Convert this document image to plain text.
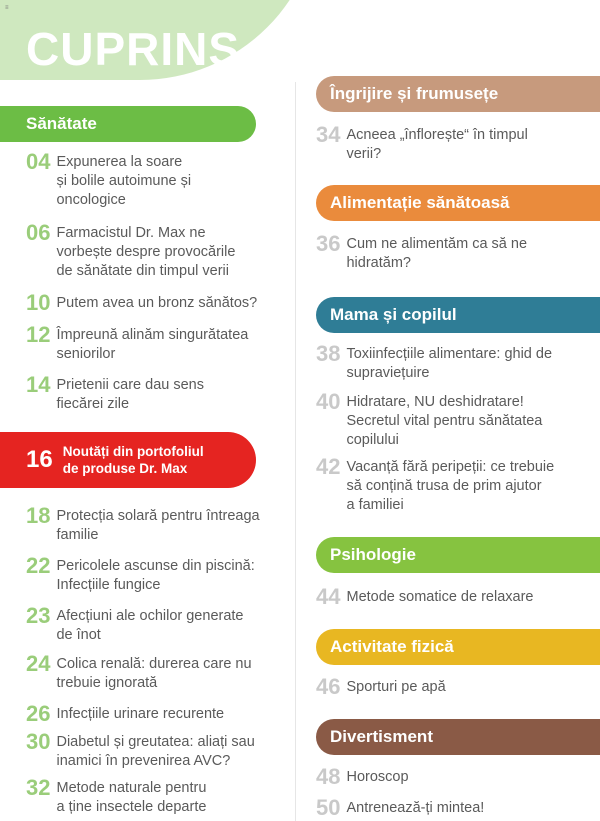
≡
CUPRINS
Sănătate
04 Expunerea la soare
și bolile autoimune și
oncologice
06 Farmacistul Dr. Max ne
vorbește despre provocările
de sănătate din timpul verii
10 Putem avea un bronz sănătos?
12 Împreună alinăm singurătatea
seniorilor
14 Prietenii care dau sens
fiecărei zile
16 Noutăți din portofoliul
de produse Dr. Max
18 Protecția solară pentru întreaga
familie
22 Pericolele ascunse din piscină:
Infecțiile fungice
23 Afecțiuni ale ochilor generate
de înot
24 Colica renală: durerea care nu
trebuie ignorată
26 Infecțiile urinare recurente
30 Diabetul și greutatea: aliați sau
inamici în prevenirea AVC?
32 Metode naturale pentru
a ține insectele departe
Îngrijire și frumusețe
34 Acneea „înflorește“ în timpul
verii?
Alimentație sănătoasă
36 Cum ne alimentăm ca să ne
hidratăm?
Mama și copilul
38 Toxiinfecțiile alimentare: ghid de
supraviețuire
40 Hidratare, NU deshidratare!
Secretul vital pentru sănătatea
copilului
42 Vacanță fără peripeții: ce trebuie
să conțină trusa de prim ajutor
a familiei
Psihologie
44 Metode somatice de relaxare
Activitate fizică
46 Sporturi pe apă
Divertisment
48 Horoscop
50 Antrenează-ți mintea!
